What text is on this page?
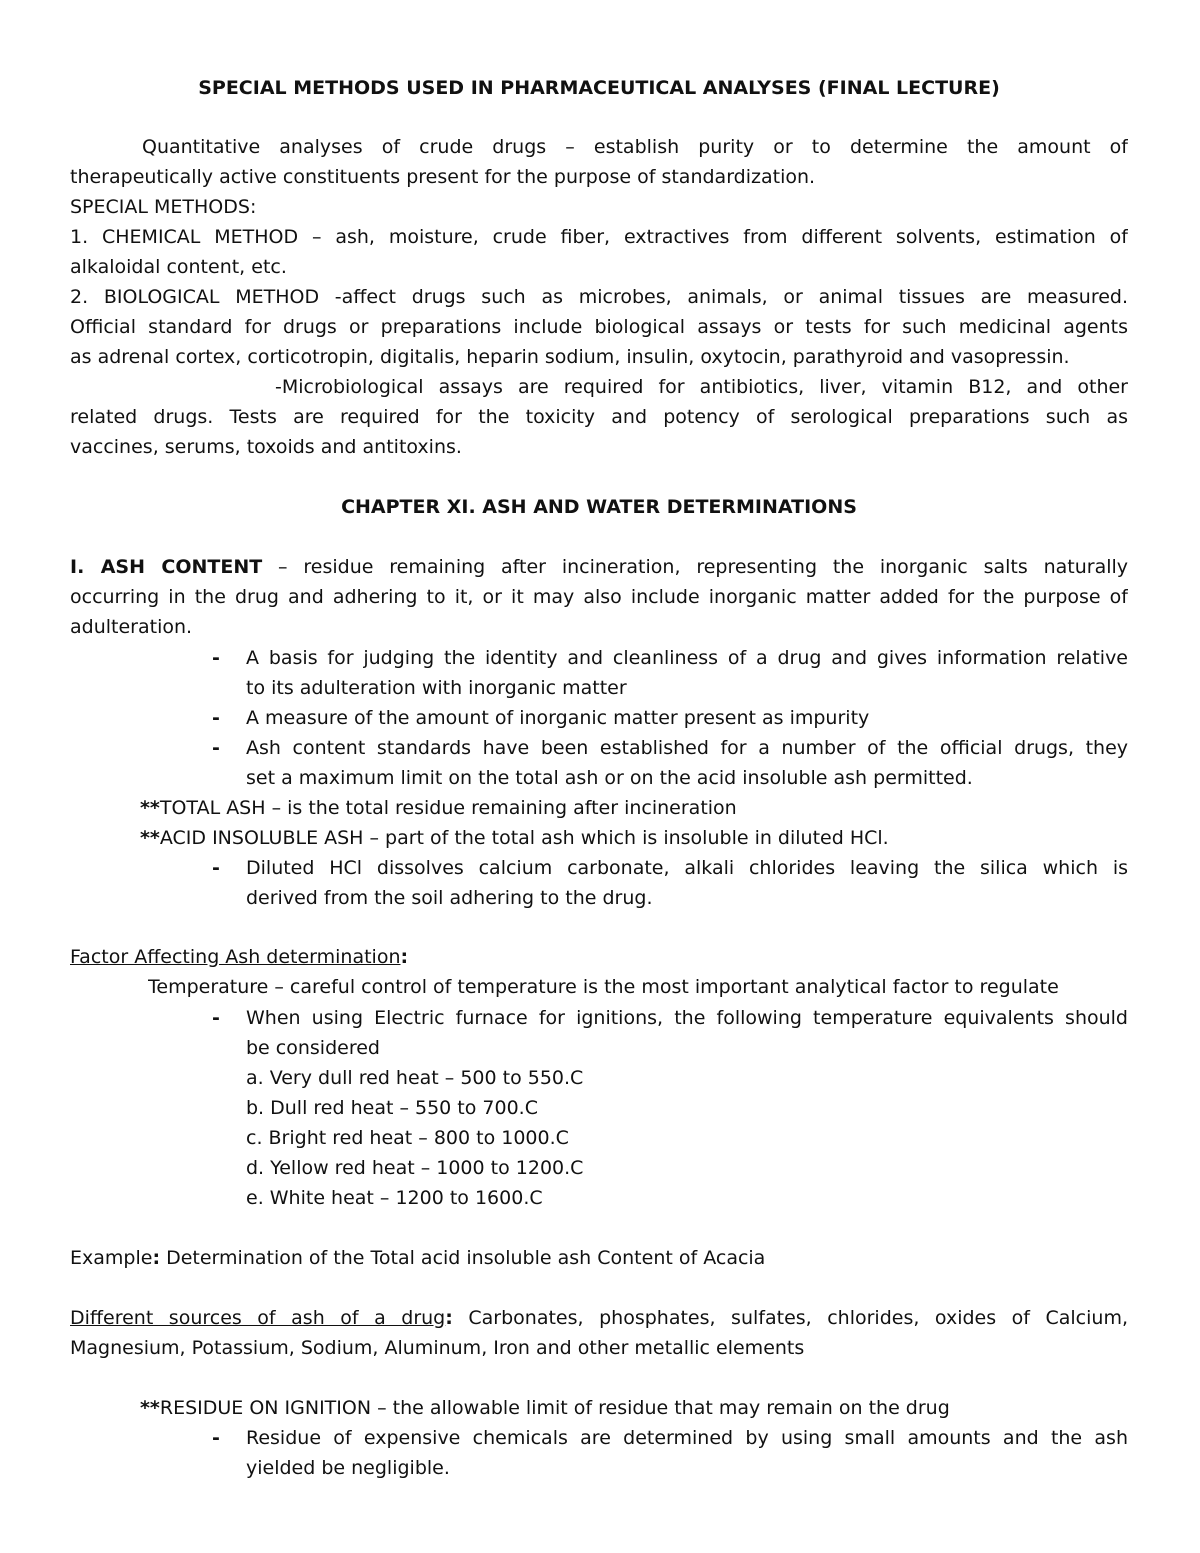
SPECIAL METHODS USED IN PHARMACEUTICAL ANALYSES (FINAL LECTURE)
Quantitative analyses of crude drugs – establish purity or to determine the amount of
therapeutically active constituents present for the purpose of standardization.
SPECIAL METHODS:
1. CHEMICAL METHOD – ash, moisture, crude fiber, extractives from different solvents, estimation of
alkaloidal content, etc.
2. BIOLOGICAL METHOD -affect drugs such as microbes, animals, or animal tissues are measured.
Official standard for drugs or preparations include biological assays or tests for such medicinal agents
as adrenal cortex, corticotropin, digitalis, heparin sodium, insulin, oxytocin, parathyroid and vasopressin.
-Microbiological assays are required for antibiotics, liver, vitamin B12, and other
related drugs. Tests are required for the toxicity and potency of serological preparations such as
vaccines, serums, toxoids and antitoxins.
CHAPTER XI. ASH AND WATER DETERMINATIONS
I. ASH CONTENT – residue remaining after incineration, representing the inorganic salts naturally
occurring in the drug and adhering to it, or it may also include inorganic matter added for the purpose of
adulteration.
-	A basis for judging the identity and cleanliness of a drug and gives information relative
to its adulteration with inorganic matter
-	A measure of the amount of inorganic matter present as impurity
-	Ash content standards have been established for a number of the official drugs, they
set a maximum limit on the total ash or on the acid insoluble ash permitted.
**TOTAL ASH – is the total residue remaining after incineration
**ACID INSOLUBLE ASH – part of the total ash which is insoluble in diluted HCl.
-	Diluted HCl dissolves calcium carbonate, alkali chlorides leaving the silica which is
derived from the soil adhering to the drug.
Factor Affecting Ash determination:
Temperature – careful control of temperature is the most important analytical factor to regulate
-	When using Electric furnace for ignitions, the following temperature equivalents should
be considered
a. Very dull red heat – 500 to 550.C
b. Dull red heat – 550 to 700.C
c. Bright red heat – 800 to 1000.C
d. Yellow red heat – 1000 to 1200.C
e. White heat – 1200 to 1600.C
Example: Determination of the Total acid insoluble ash Content of Acacia
Different sources of ash of a drug: Carbonates, phosphates, sulfates, chlorides, oxides of Calcium,
Magnesium, Potassium, Sodium, Aluminum, Iron and other metallic elements
**RESIDUE ON IGNITION – the allowable limit of residue that may remain on the drug
-	Residue of expensive chemicals are determined by using small amounts and the ash
yielded be negligible.
